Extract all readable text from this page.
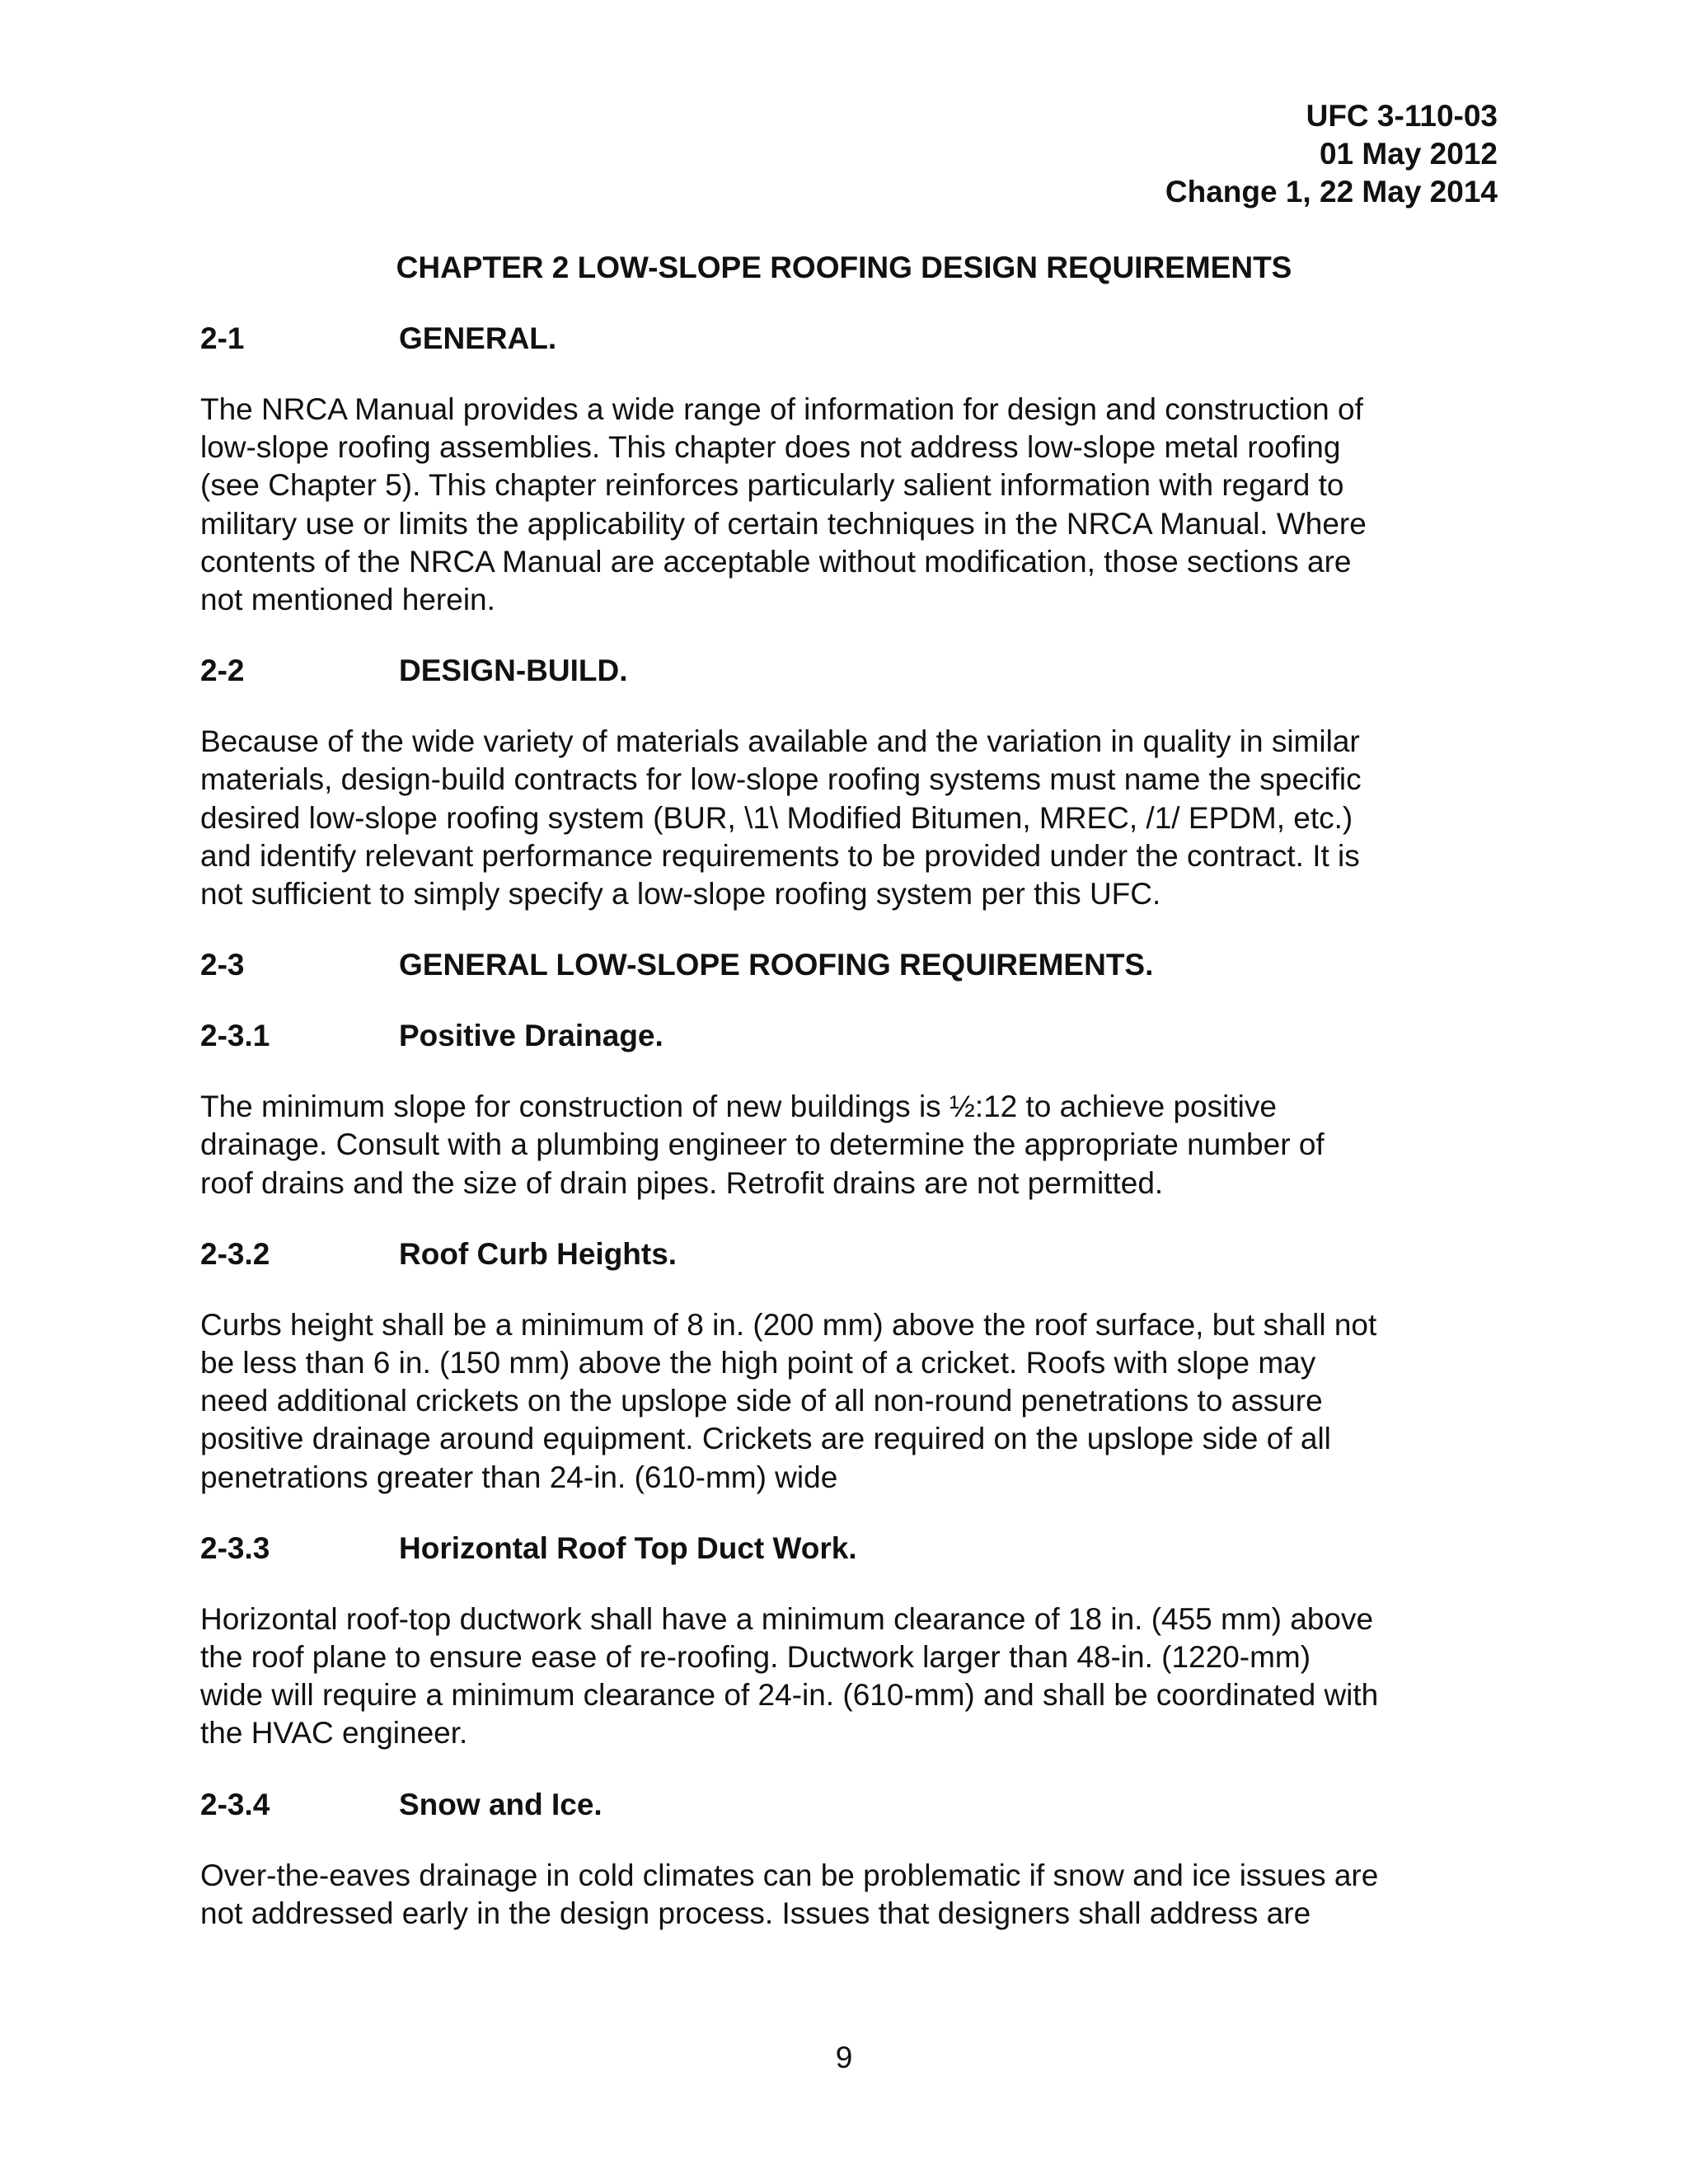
UFC 3-110-03
01 May 2012
Change 1, 22 May 2014
CHAPTER 2 LOW-SLOPE ROOFING DESIGN REQUIREMENTS
2-1	GENERAL.

The NRCA Manual provides a wide range of information for design and construction of

low-slope roofing assemblies. This chapter does not address low-slope metal roofing

(see Chapter 5). This chapter reinforces particularly salient information with regard to

military use or limits the applicability of certain techniques in the NRCA Manual. Where

contents of the NRCA Manual are acceptable without modification, those sections are

not mentioned herein.

2-2	DESIGN-BUILD.

Because of the wide variety of materials available and the variation in quality in similar

materials, design-build contracts for low-slope roofing systems must name the specific

desired low-slope roofing system (BUR, \1\ Modified Bitumen, MREC, /1/ EPDM, etc.)

and identify relevant performance requirements to be provided under the contract. It is

not sufficient to simply specify a low-slope roofing system per this UFC.

2-3	GENERAL LOW-SLOPE ROOFING REQUIREMENTS.
2-3.1	Positive Drainage.

The minimum slope for construction of new buildings is ½:12 to achieve positive

drainage. Consult with a plumbing engineer to determine the appropriate number of

roof drains and the size of drain pipes. Retrofit drains are not permitted.

2-3.2	Roof Curb Heights.

Curbs height shall be a minimum of 8 in. (200 mm) above the roof surface, but shall not

be less than 6 in. (150 mm) above the high point of a cricket. Roofs with slope may

need additional crickets on the upslope side of all non-round penetrations to assure

positive drainage around equipment. Crickets are required on the upslope side of all

penetrations greater than 24-in. (610-mm) wide

2-3.3	Horizontal Roof Top Duct Work.

Horizontal roof-top ductwork shall have a minimum clearance of 18 in. (455 mm) above

the roof plane to ensure ease of re-roofing. Ductwork larger than 48-in. (1220-mm)

wide will require a minimum clearance of 24-in. (610-mm) and shall be coordinated with

the HVAC engineer.

2-3.4	Snow and Ice.

Over-the-eaves drainage in cold climates can be problematic if snow and ice issues are

not addressed early in the design process. Issues that designers shall address are

9
